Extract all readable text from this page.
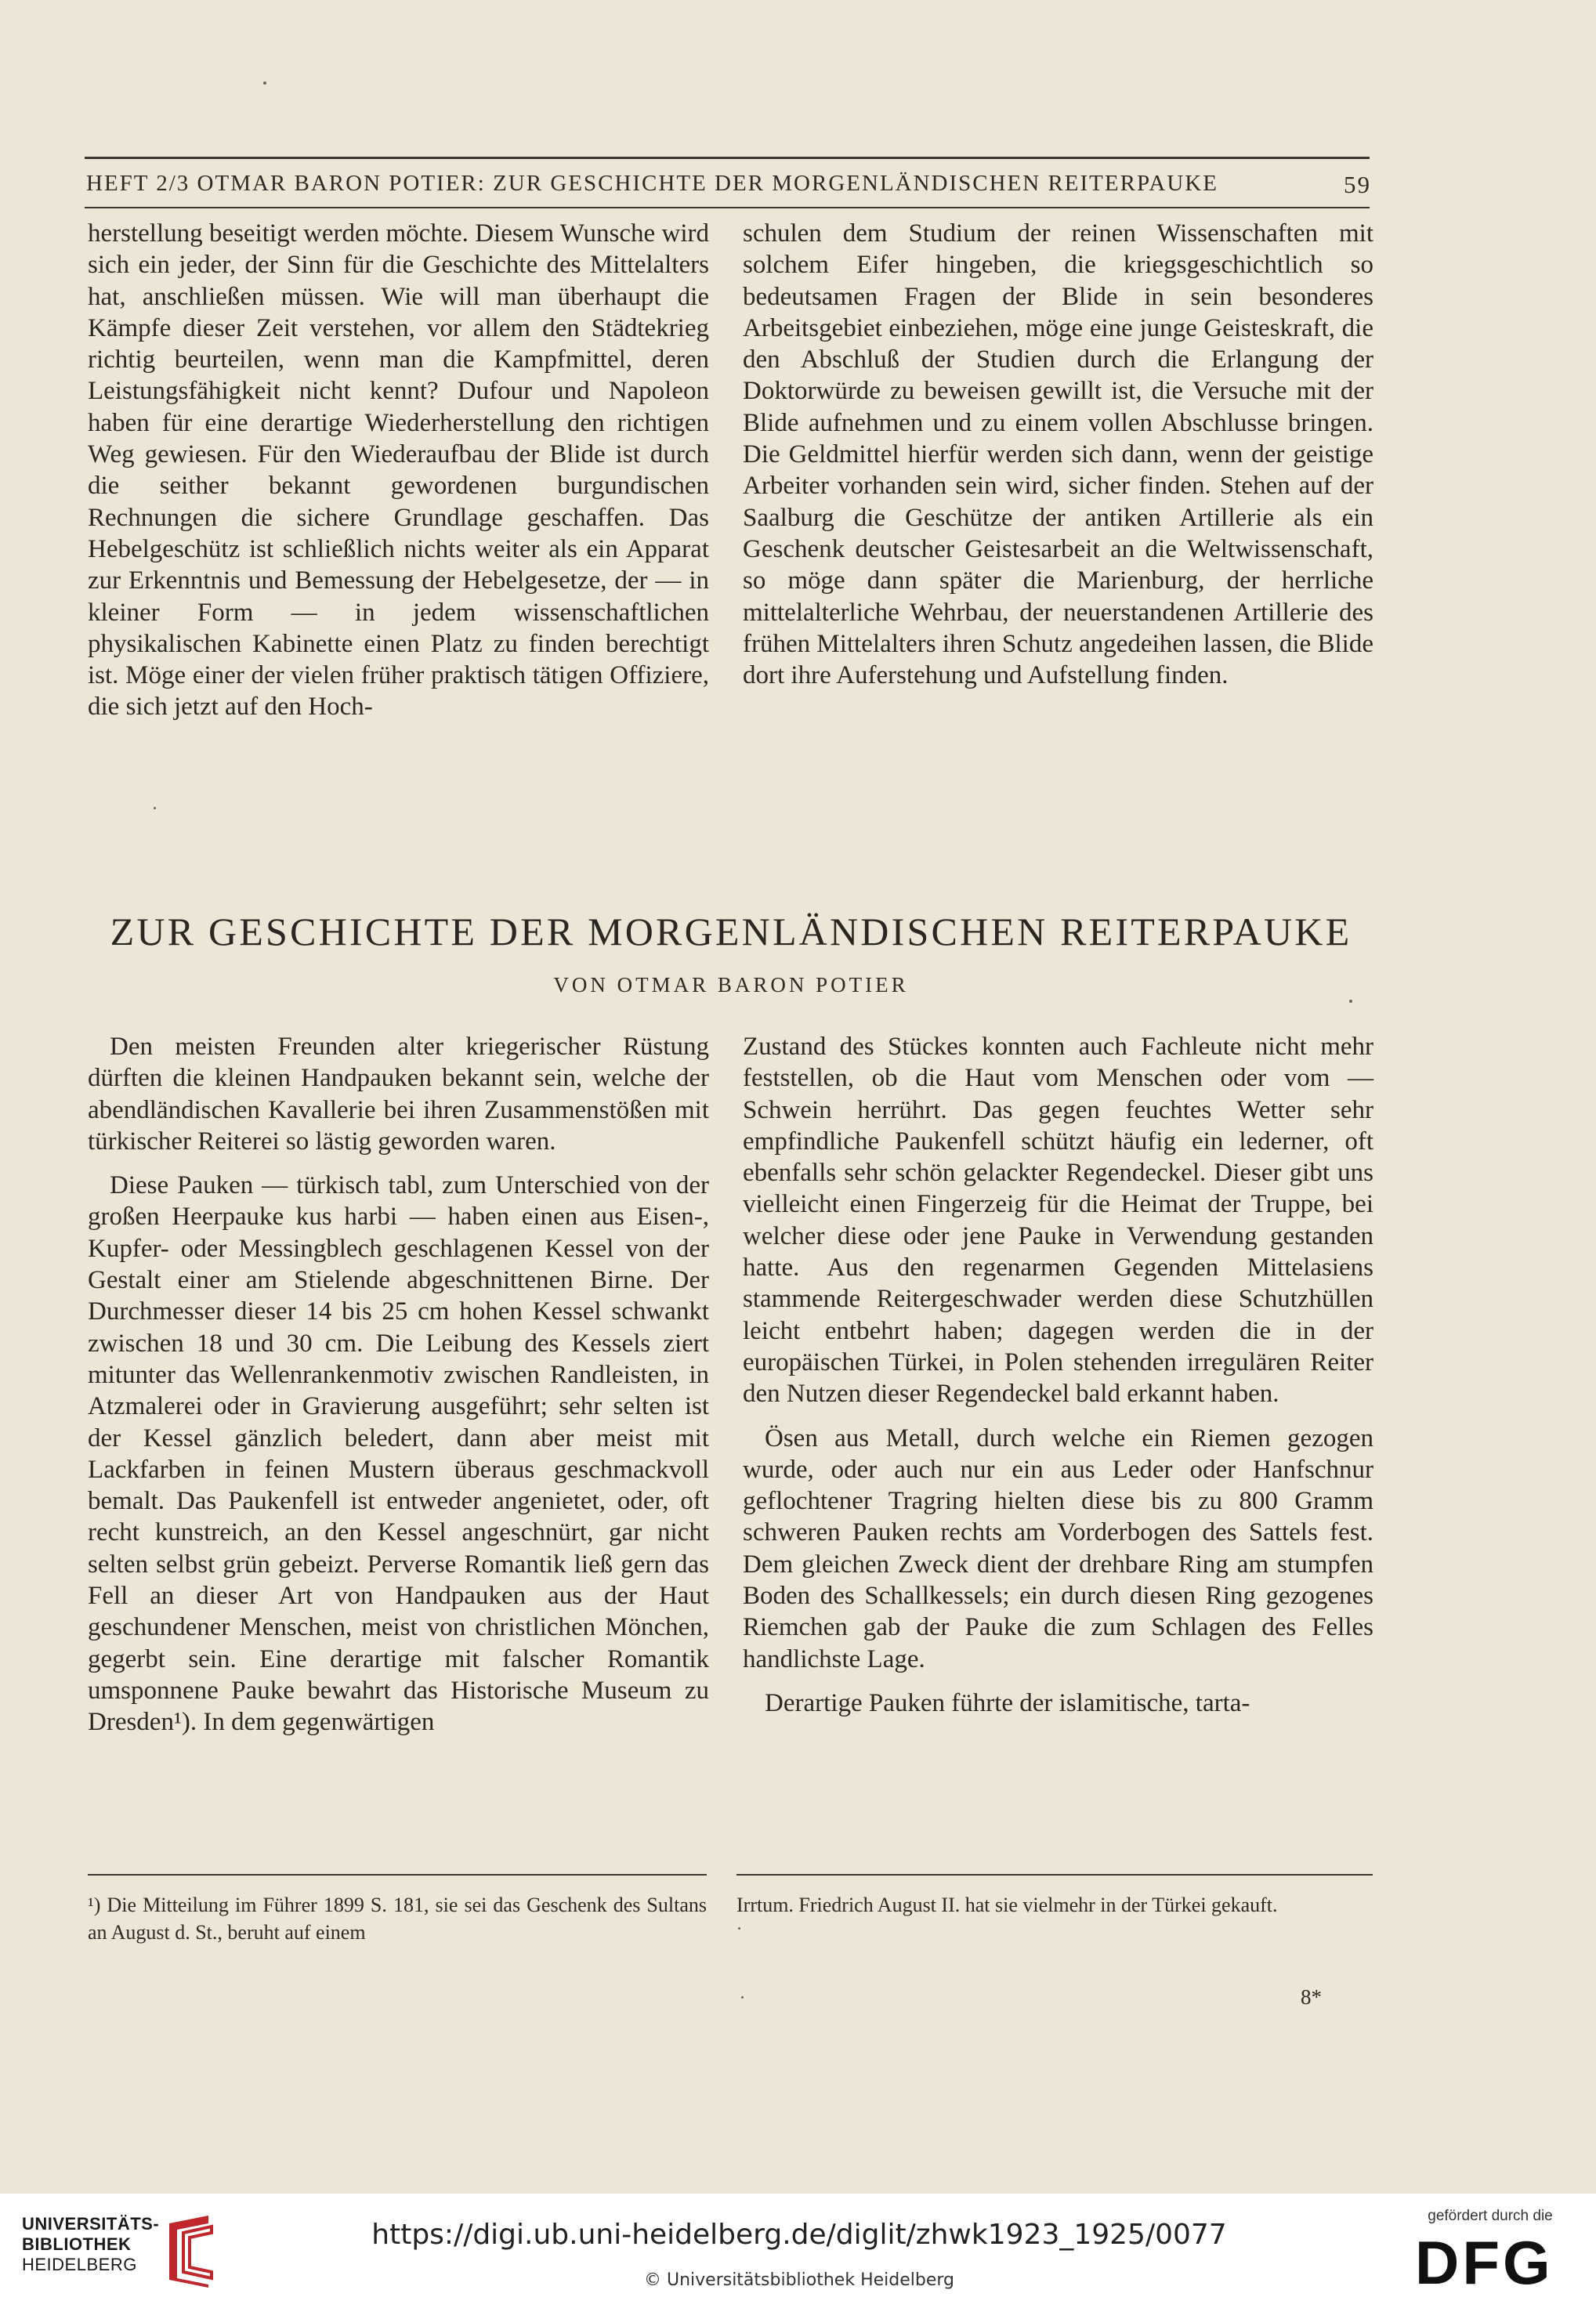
HEFT 2/3 OTMAR BARON POTIER: ZUR GESCHICHTE DER MORGENLÄNDISCHEN REITERPAUKE	59

herstellung beseitigt werden möchte. Diesem Wunsche wird sich ein jeder, der Sinn für die Geschichte des Mittelalters hat, anschließen müssen. Wie will man überhaupt die Kämpfe dieser Zeit verstehen, vor allem den Städtekrieg richtig beurteilen, wenn man die Kampfmittel, deren Leistungsfähigkeit nicht kennt? Dufour und Napoleon haben für eine derartige Wiederherstellung den richtigen Weg gewiesen. Für den Wiederaufbau der Blide ist durch die seither bekannt gewordenen burgundischen Rechnungen die sichere Grundlage geschaffen. Das Hebelgeschütz ist schließlich nichts weiter als ein Apparat zur Erkenntnis und Bemessung der Hebelgesetze, der — in kleiner Form — in jedem wissenschaftlichen physikalischen Kabinette einen Platz zu finden berechtigt ist. Möge einer der vielen früher praktisch tätigen Offiziere, die sich jetzt auf den Hoch-

schulen dem Studium der reinen Wissenschaften mit solchem Eifer hingeben, die kriegsgeschichtlich so bedeutsamen Fragen der Blide in sein besonderes Arbeitsgebiet einbeziehen, möge eine junge Geisteskraft, die den Abschluß der Studien durch die Erlangung der Doktorwürde zu beweisen gewillt ist, die Versuche mit der Blide aufnehmen und zu einem vollen Abschlusse bringen. Die Geldmittel hierfür werden sich dann, wenn der geistige Arbeiter vorhanden sein wird, sicher finden. Stehen auf der Saalburg die Geschütze der antiken Artillerie als ein Geschenk deutscher Geistesarbeit an die Weltwissenschaft, so möge dann später die Marienburg, der herrliche mittelalterliche Wehrbau, der neuerstandenen Artillerie des frühen Mittelalters ihren Schutz angedeihen lassen, die Blide dort ihre Auferstehung und Aufstellung finden.

ZUR GESCHICHTE DER MORGENLÄNDISCHEN REITERPAUKE
VON OTMAR BARON POTIER

Den meisten Freunden alter kriegerischer Rüstung dürften die kleinen Handpauken bekannt sein, welche der abendländischen Kavallerie bei ihren Zusammenstößen mit türkischer Reiterei so lästig geworden waren.

Diese Pauken — türkisch tabl, zum Unterschied von der großen Heerpauke kus harbi — haben einen aus Eisen-, Kupfer- oder Messingblech geschlagenen Kessel von der Gestalt einer am Stielende abgeschnittenen Birne. Der Durchmesser dieser 14 bis 25 cm hohen Kessel schwankt zwischen 18 und 30 cm. Die Leibung des Kessels ziert mitunter das Wellenrankenmotiv zwischen Randleisten, in Atzmalerei oder in Gravierung ausgeführt; sehr selten ist der Kessel gänzlich beledert, dann aber meist mit Lackfarben in feinen Mustern überaus geschmackvoll bemalt. Das Paukenfell ist entweder angenietet, oder, oft recht kunstreich, an den Kessel angeschnürt, gar nicht selten selbst grün gebeizt. Perverse Romantik ließ gern das Fell an dieser Art von Handpauken aus der Haut geschundener Menschen, meist von christlichen Mönchen, gegerbt sein. Eine derartige mit falscher Romantik umsponnene Pauke bewahrt das Historische Museum zu Dresden¹). In dem gegenwärtigen

Zustand des Stückes konnten auch Fachleute nicht mehr feststellen, ob die Haut vom Menschen oder vom — Schwein herrührt. Das gegen feuchtes Wetter sehr empfindliche Paukenfell schützt häufig ein lederner, oft ebenfalls sehr schön gelackter Regendeckel. Dieser gibt uns vielleicht einen Fingerzeig für die Heimat der Truppe, bei welcher diese oder jene Pauke in Verwendung gestanden hatte. Aus den regenarmen Gegenden Mittelasiens stammende Reitergeschwader werden diese Schutzhüllen leicht entbehrt haben; dagegen werden die in der europäischen Türkei, in Polen stehenden irregulären Reiter den Nutzen dieser Regendeckel bald erkannt haben.

Ösen aus Metall, durch welche ein Riemen gezogen wurde, oder auch nur ein aus Leder oder Hanfschnur geflochtener Tragring hielten diese bis zu 800 Gramm schweren Pauken rechts am Vorderbogen des Sattels fest. Dem gleichen Zweck dient der drehbare Ring am stumpfen Boden des Schallkessels; ein durch diesen Ring gezogenes Riemchen gab der Pauke die zum Schlagen des Felles handlichste Lage.

Derartige Pauken führte der islamitische, tarta-

¹) Die Mitteilung im Führer 1899 S. 181, sie sei das Geschenk des Sultans an August d. St., beruht auf einem

Irrtum. Friedrich August II. hat sie vielmehr in der Türkei gekauft.

8*
UNIVERSITÄTS-
BIBLIOTHEK
HEIDELBERG
https://digi.ub.uni-heidelberg.de/diglit/zhwk1923_1925/0077
© Universitätsbibliothek Heidelberg
gefördert durch die
DFG
